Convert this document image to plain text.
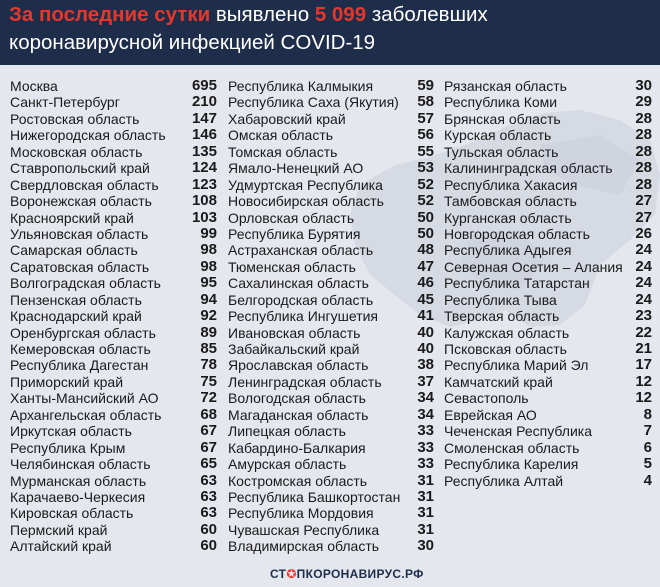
За последние сутки выявлено 5 099 заболевших
коронавирусной инфекцией COVID-19
Москва	695
Санкт-Петербург	210
Ростовская область	147
Нижегородская область 146
Московская область	135
Ставропольский край	124
Свердловская область 123
Воронежская область	108
Красноярский край	103
Ульяновская область	99
Самарская область	98
Саратовская область	98
Волгоградская область	95
Пензенская область	94
Краснодарский край	92
Оренбургская область	89
Кемеровская область	85
Республика Дагестан	78
Приморский край	75
Ханты-Мансийский АО	72
Архангельская область	68
Иркутская область	67
Республика Крым	67
Челябинская область	65
Мурманская область	63
Карачаево-Черкесия	63
Кировская область	63
Пермский край	60
Алтайский край	60
Республика Калмыкия	59
Республика Саха (Якутия) 58
Хабаровский край	57
Омская область	56
Томская область	55
Ямало-Ненецкий АО	53
Удмуртская Республика 52
Новосибирская область 52
Орловская область	50
Республика Бурятия	50
Астраханская область	48
Тюменская область	47
Сахалинская область	46
Белгородская область	45
Республика Ингушетия	41
Ивановская область	40
Забайкальский край	40
Ярославская область	38
Ленинградская область 37
Вологодская область	34
Магаданская область	34
Липецкая область	33
Кабардино-Балкария	33
Амурская область	33
Костромская область	31
Республика Башкортостан 31
Республика Мордовия	31
Чувашская Республика	31
Владимирская область	30
Рязанская область	30
Республика Коми	29
Брянская область	28
Курская область	28
Тульская область	28
Калининградская область 28
Республика Хакасия	28
Тамбовская область	27
Курганская область	27
Новгородская область	26
Республика Адыгея	24
Северная Осетия – Алания 24
Республика Татарстан	24
Республика Тыва	24
Тверская область	23
Калужская область	22
Псковская область	21
Республика Марий Эл	17
Камчатский край	12
Севастополь	12
Еврейская АО	8
Чеченская Республика	7
Смоленская область	6
Республика Карелия	5
Республика Алтай	4
СТ✪ПКОРОНАВИРУС.РФ
